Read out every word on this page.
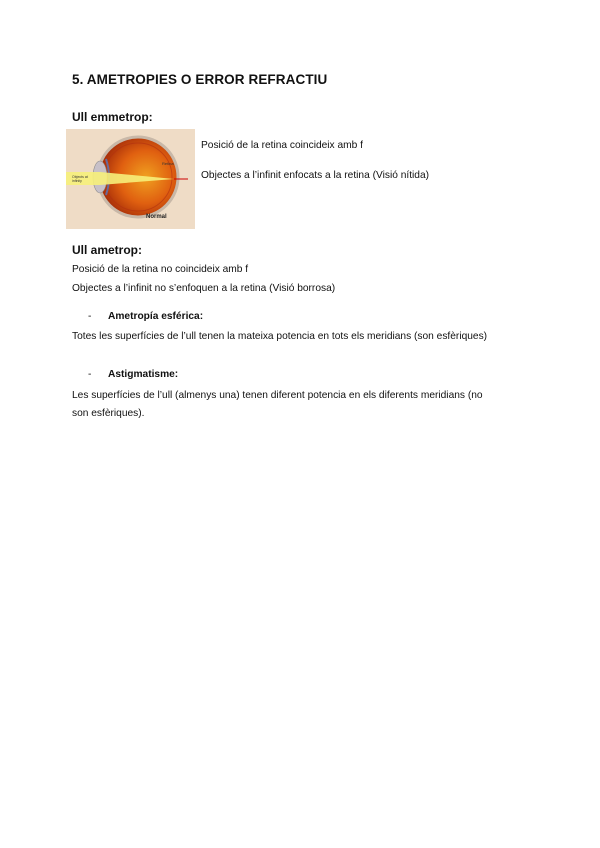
5. AMETROPIES O ERROR REFRACTIU
Ull emmetrop:
Objects at
infinity
Retina
Normal
Posició de la retina coincideix amb f
Objectes a l’infinit enfocats a la retina (Visió nítida)
Ull ametrop:
Posició de la retina no coincideix amb f
Objectes a l’infinit no s’enfoquen a la retina (Visió borrosa)
-	Ametropía esférica:
Totes les superfícies de l’ull tenen la mateixa potencia en tots els meridians (son esfèriques)
-	Astigmatisme:
Les superfícies de l’ull (almenys una) tenen diferent potencia en els diferents meridians (no
son esfèriques).
